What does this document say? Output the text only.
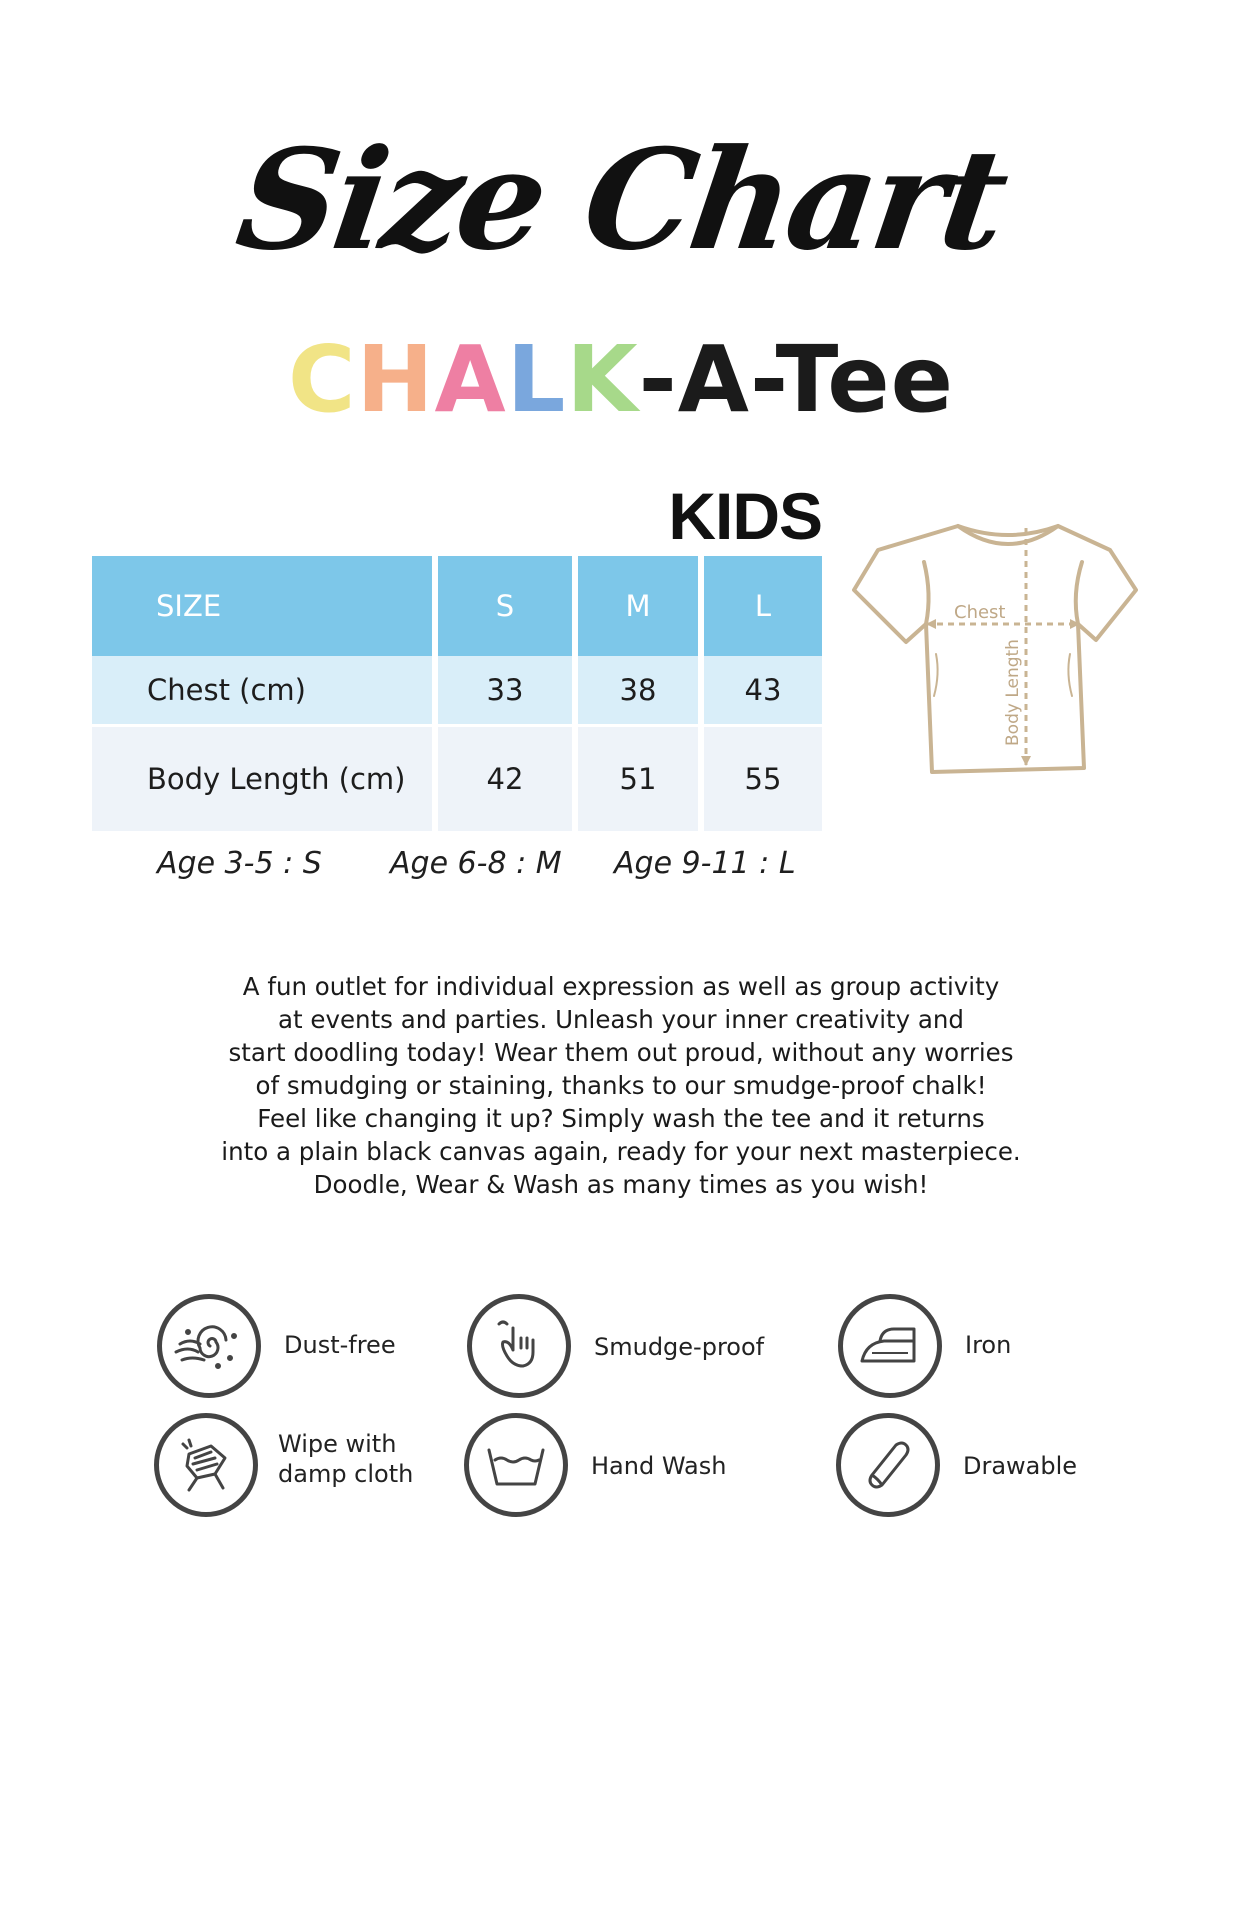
Size Chart
CHALK-A-Tee
KIDS
SIZE	S	M	L
Chest (cm)	33	38	43
Body Length (cm)	42	51	55
Chest
Body Length
Age 3-5 : S Age 6-8 : M Age 9-11 : L
A fun outlet for individual expression as well as group activity
at events and parties. Unleash your inner creativity and
start doodling today! Wear them out proud, without any worries
of smudging or staining, thanks to our smudge-proof chalk!
Feel like changing it up? Simply wash the tee and it returns
into a plain black canvas again, ready for your next masterpiece.
Doodle, Wear & Wash as many times as you wish!
Dust-free	Smudge-proof	Iron
Wipe with
damp cloth	Hand Wash	Drawable
